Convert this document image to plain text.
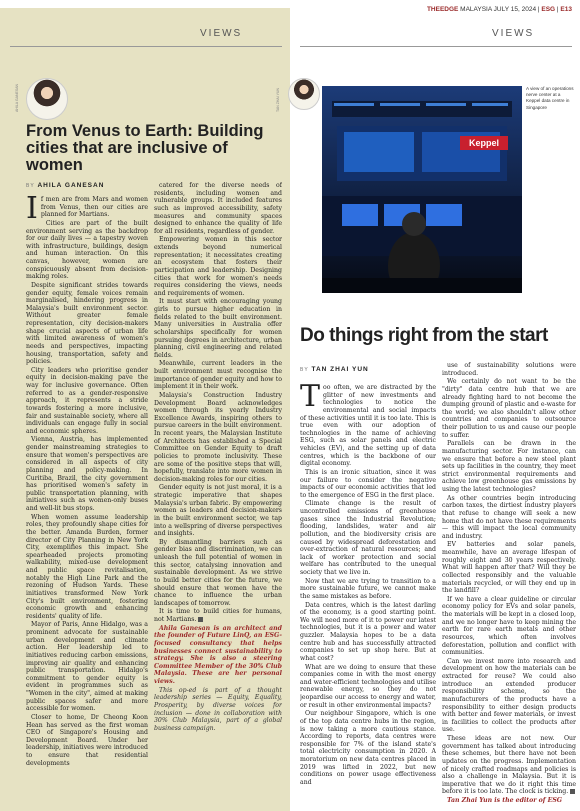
THEEDGE MALAYSIA JULY 15, 2024 | ESG | E13
VIEWS
AHILA GANESAN
From Venus to Earth: Building cities that are inclusive of women
BY AHILA GANESAN

If men are from Mars and women from Venus, then our cities are planned for Martians.

Cities are part of the built environment serving as the backdrop for our daily lives — a tapestry woven with infrastructure, buildings, design and human interaction. On this canvas, however, women are conspicuously absent from decision-making roles.

Despite significant strides towards gender equity, female voices remain marginalised, hindering progress in Malaysia's built environment sector. Without greater female representation, city decision-makers shape crucial aspects of urban life with limited awareness of women's needs and perspectives, impacting housing, transportation, safety and policies.

City leaders who prioritise gender equity in decision-making pave the way for inclusive governance. Often referred to as a gender-responsive approach, it represents a stride towards fostering a more inclusive, fair and sustainable society, where all individuals can engage fully in social and economic spheres.

Vienna, Austria, has implemented gender mainstreaming strategies to ensure that women's perspectives are considered in all aspects of city planning and policy-making. In Curitiba, Brazil, the city government has prioritised women's safety in public transportation planning, with initiatives such as women-only buses and well-lit bus stops.

When women assume leadership roles, they profoundly shape cities for the better. Amanda Burden, former director of City Planning in New York City, exemplifies this impact. She spearheaded projects promoting walkability, mixed-use development and public space revitalisation, notably the High Line Park and the rezoning of Hudson Yards. These initiatives transformed New York City's built environment, fostering economic growth and enhancing residents' quality of life.

Mayor of Paris, Anne Hidalgo, was a prominent advocate for sustainable urban development and climate action. Her leadership led to initiatives reducing carbon emissions, improving air quality and enhancing public transportation. Hidalgo's commitment to gender equity is evident in programmes such as "Women in the city", aimed at making public spaces safer and more accessible for women.

Closer to home, Dr Cheong Koon Hean has served as the first woman CEO of Singapore's Housing and Development Board. Under her leadership, initiatives were introduced to ensure that residential developments

catered for the diverse needs of residents, including women and vulnerable groups. It included features such as improved accessibility, safety measures and community spaces designed to enhance the quality of life for all residents, regardless of gender.

Empowering women in this sector extends beyond numerical representation; it necessitates creating an ecosystem that fosters their participation and leadership. Designing cities that work for women's needs requires considering the views, needs and requirements of women.

It must start with encouraging young girls to pursue higher education in fields related to the built environment. Many universities in Australia offer scholarships specifically for women pursuing degrees in architecture, urban planning, civil engineering and related fields.

Meanwhile, current leaders in the built environment must recognise the importance of gender equity and how to implement it in their work.

Malaysia's Construction Industry Development Board acknowledges women through its yearly Industry Excellence Awards, inspiring others to pursue careers in the built environment. In recent years, the Malaysian Institute of Architects has established a Special Committee on Gender Equity to draft policies to promote inclusivity. These are some of the positive steps that will, hopefully, translate into more women in decision-making roles for our cities.

Gender equity is not just moral, it is a strategic imperative that shapes Malaysia's urban fabric. By empowering women as leaders and decision-makers in the built environment sector, we tap into a wellspring of diverse perspectives and insights.

By dismantling barriers such as gender bias and discrimination, we can unleash the full potential of women in this sector, catalysing innovation and sustainable development. As we strive to build better cities for the future, we should ensure that women have the chance to influence the urban landscapes of tomorrow.

It is time to build cities for humans, not Martians.

Ahila Ganesan is an architect and the founder of Future LinQ, an ESG-focused consultancy that helps businesses connect sustainability to strategy. She is also a steering Committee Member of the 30% Club Malaysia. These are her personal views.

This op-ed is part of a thought leadership series — Equity, Equality, Prosperity, by diverse voices for inclusion — done in collaboration with 30% Club Malaysia, part of a global business campaign.

VIEWS
TAN ZHAI YUN
Keppel
A view of an operations nerve center at a Keppel data centre in Singapore
Do things right from the start
BY TAN ZHAI YUN

Too often, we are distracted by the glitter of new investments and technologies to notice the environmental and social impacts of these activities until it is too late. This is true even with our adoption of technologies in the name of achieving ESG, such as solar panels and electric vehicles (EV), and the setting up of data centres, which is the backbone of our digital economy.

This is an ironic situation, since it was our failure to consider the negative impacts of our economic activities that led to the emergence of ESG in the first place.

Climate change is the result of uncontrolled emissions of greenhouse gases since the Industrial Revolution; flooding, landslides, water and air pollution, and the biodiversity crisis are caused by widespread deforestation and over-extraction of natural resources; and lack of worker protection and social welfare has contributed to the unequal society that we live in.

Now that we are trying to transition to a more sustainable future, we cannot make the same mistakes as before.

Data centres, which is the latest darling of the economy, is a good starting point. We will need more of it to power our latest technologies, but it is a power and water guzzler. Malaysia hopes to be a data centre hub and has successfully attracted companies to set up shop here. But at what cost?

What are we doing to ensure that these companies come in with the most energy and water-efficient technologies and utilise renewable energy, so they do not jeopardise our access to energy and water, or result in other environmental impacts?

Our neighbour Singapore, which is one of the top data centre hubs in the region, is now taking a more cautious stance. According to reports, data centres were responsible for 7% of the island state's total electricity consumption in 2020. A moratorium on new data centres placed in 2019 was lifted in 2022, but new conditions on power usage effectiveness and

use of sustainability solutions were introduced.

We certainly do not want to be the "dirty" data centre hub that we are already fighting hard to not become the dumping ground of plastic and e-waste for the world; we also shouldn't allow other countries and companies to outsource their pollution to us and cause our people to suffer.

Parallels can be drawn in the manufacturing sector. For instance, can we ensure that before a new steel plant sets up facilities in the country, they meet strict environmental requirements and achieve low greenhouse gas emissions by using the latest technologies?

As other countries begin introducing carbon taxes, the dirtiest industry players that refuse to change will seek a new home that do not have these requirements — this will impact the local community and industry.

EV batteries and solar panels, meanwhile, have an average lifespan of roughly eight and 30 years respectively. What will happen after that? Will they be collected responsibly and the valuable materials recycled, or will they end up in the landfill?

If we have a clear guideline or circular economy policy for EVs and solar panels, the materials will be kept in a closed loop, and we no longer have to keep mining the earth for rare earth metals and other resources, which often involves deforestation, pollution and conflict with communities.

Can we invest more into research and development on how the materials can be extracted for reuse? We could also introduce an extended producer responsibility scheme, so the manufacturers of the products have a responsibility to either design products with better and fewer materials, or invest in facilities to collect the products after use.

These ideas are not new. Our government has talked about introducing these schemes, but there have not been updates on the progress. Implementation of nicely crafted roadmaps and policies is also a challenge in Malaysia. But it is imperative that we do it right this time before it is too late. The clock is ticking.

Tan Zhai Yun is the editor of ESG
